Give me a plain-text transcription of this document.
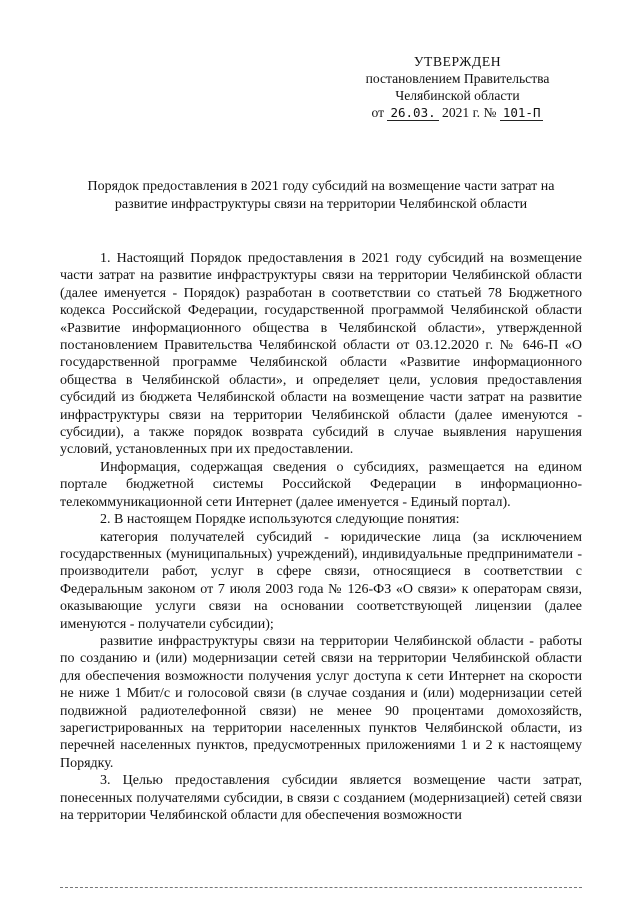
УТВЕРЖДЕН
постановлением Правительства
Челябинской области
от 26.03. 2021 г. № 101-П
Порядок предоставления в 2021 году субсидий на возмещение части затрат на развитие инфраструктуры связи на территории Челябинской области

1. Настоящий Порядок предоставления в 2021 году субсидий на возмещение части затрат на развитие инфраструктуры связи на территории Челябинской области (далее именуется - Порядок) разработан в соответствии со статьей 78 Бюджетного кодекса Российской Федерации, государственной программой Челябинской области «Развитие информационного общества в Челябинской области», утвержденной постановлением Правительства Челябинской области от 03.12.2020 г. № 646-П «О государственной программе Челябинской области «Развитие информационного общества в Челябинской области», и определяет цели, условия предоставления субсидий из бюджета Челябинской области на возмещение части затрат на развитие инфраструктуры связи на территории Челябинской области (далее именуются - субсидии), а также порядок возврата субсидий в случае выявления нарушения условий, установленных при их предоставлении.

Информация, содержащая сведения о субсидиях, размещается на едином портале бюджетной системы Российской Федерации в информационно-телекоммуникационной сети Интернет (далее именуется - Единый портал).

2. В настоящем Порядке используются следующие понятия:

категория получателей субсидий - юридические лица (за исключением государственных (муниципальных) учреждений), индивидуальные предприниматели - производители работ, услуг в сфере связи, относящиеся в соответствии с Федеральным законом от 7 июля 2003 года № 126-ФЗ «О связи» к операторам связи, оказывающие услуги связи на основании соответствующей лицензии (далее именуются - получатели субсидии);

развитие инфраструктуры связи на территории Челябинской области - работы по созданию и (или) модернизации сетей связи на территории Челябинской области для обеспечения возможности получения услуг доступа к сети Интернет на скорости не ниже 1 Мбит/с и голосовой связи (в случае создания и (или) модернизации сетей подвижной радиотелефонной связи) не менее 90 процентами домохозяйств, зарегистрированных на территории населенных пунктов Челябинской области, из перечней населенных пунктов, предусмотренных приложениями 1 и 2 к настоящему Порядку.

3. Целью предоставления субсидии является возмещение части затрат, понесенных получателями субсидии, в связи с созданием (модернизацией) сетей связи на территории Челябинской области для обеспечения возможности
